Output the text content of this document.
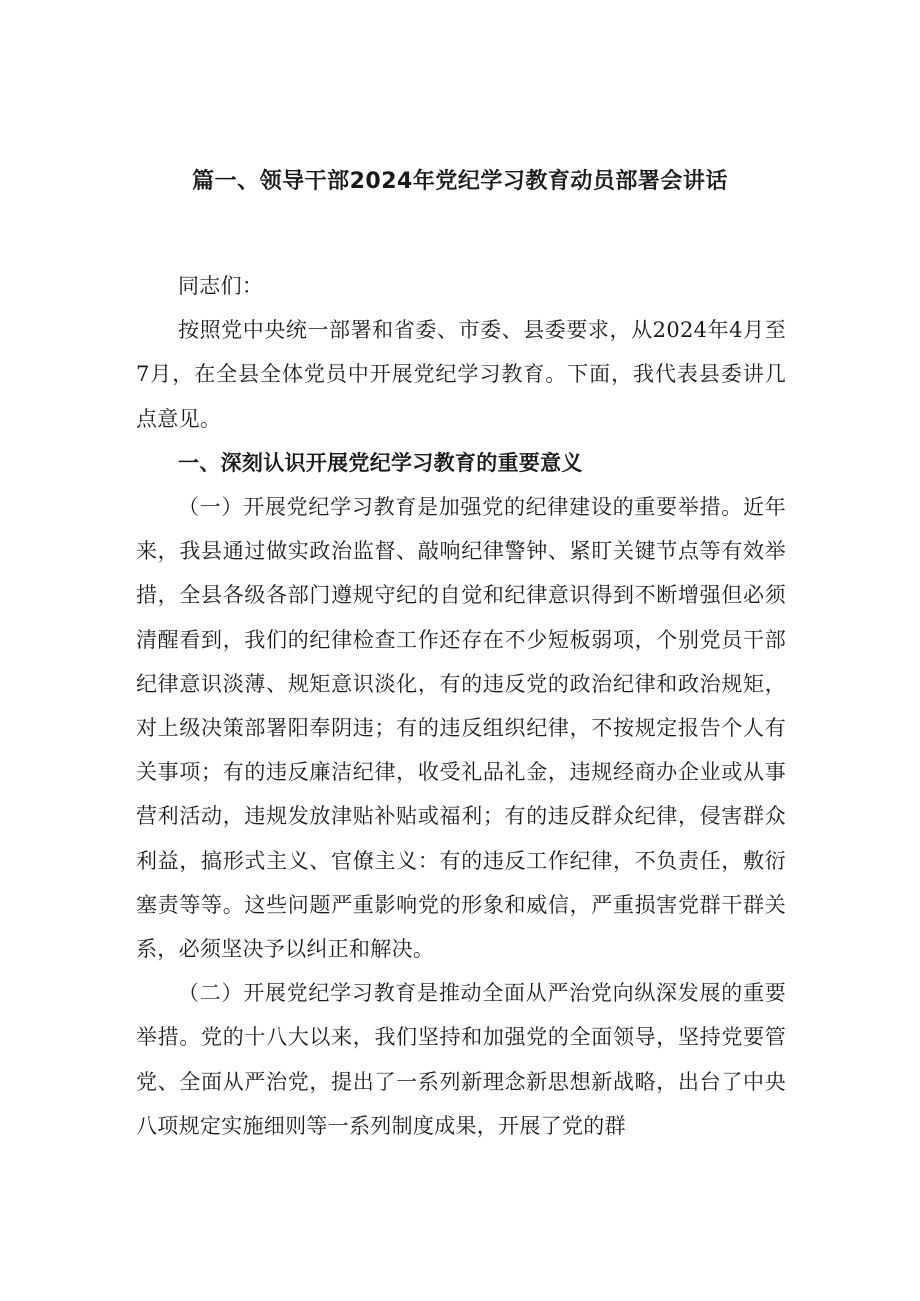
篇一、领导干部2024年党纪学习教育动员部署会讲话

同志们：

按照党中央统一部署和省委、市委、县委要求，从2024年4月至7月，在全县全体党员中开展党纪学习教育。下面，我代表县委讲几点意见。

一、深刻认识开展党纪学习教育的重要意义

（一）开展党纪学习教育是加强党的纪律建设的重要举措。近年来，我县通过做实政治监督、敲响纪律警钟、紧盯关键节点等有效举措，全县各级各部门遵规守纪的自觉和纪律意识得到不断增强但必须清醒看到，我们的纪律检查工作还存在不少短板弱项，个别党员干部纪律意识淡薄、规矩意识淡化，有的违反党的政治纪律和政治规矩，对上级决策部署阳奉阴违；有的违反组织纪律，不按规定报告个人有关事项；有的违反廉洁纪律，收受礼品礼金，违规经商办企业或从事营利活动，违规发放津贴补贴或福利；有的违反群众纪律，侵害群众利益，搞形式主义、官僚主义：有的违反工作纪律，不负责任，敷衍塞责等等。这些问题严重影响党的形象和威信，严重损害党群干群关系，必须坚决予以纠正和解决。

（二）开展党纪学习教育是推动全面从严治党向纵深发展的重要举措。党的十八大以来，我们坚持和加强党的全面领导，坚持党要管党、全面从严治党，提出了一系列新理念新思想新战略，出台了中央八项规定实施细则等一系列制度成果，开展了党的群
